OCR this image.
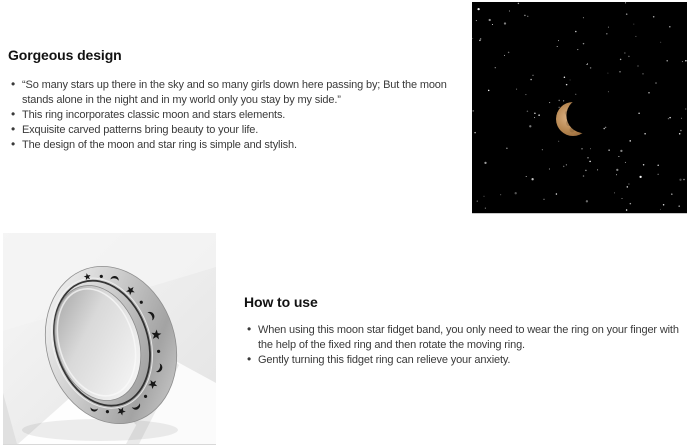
Gorgeous design
• “So many stars up there in the sky and so many girls down here passing by; But the moon stands alone in the night and in my world only you stay by my side.”
• This ring incorporates classic moon and stars elements.
• Exquisite carved patterns bring beauty to your life.
• The design of the moon and star ring is simple and stylish.
How to use
• When using this moon star fidget band, you only need to wear the ring on your finger with the help of the fixed ring and then rotate the moving ring.
• Gently turning this fidget ring can relieve your anxiety.
